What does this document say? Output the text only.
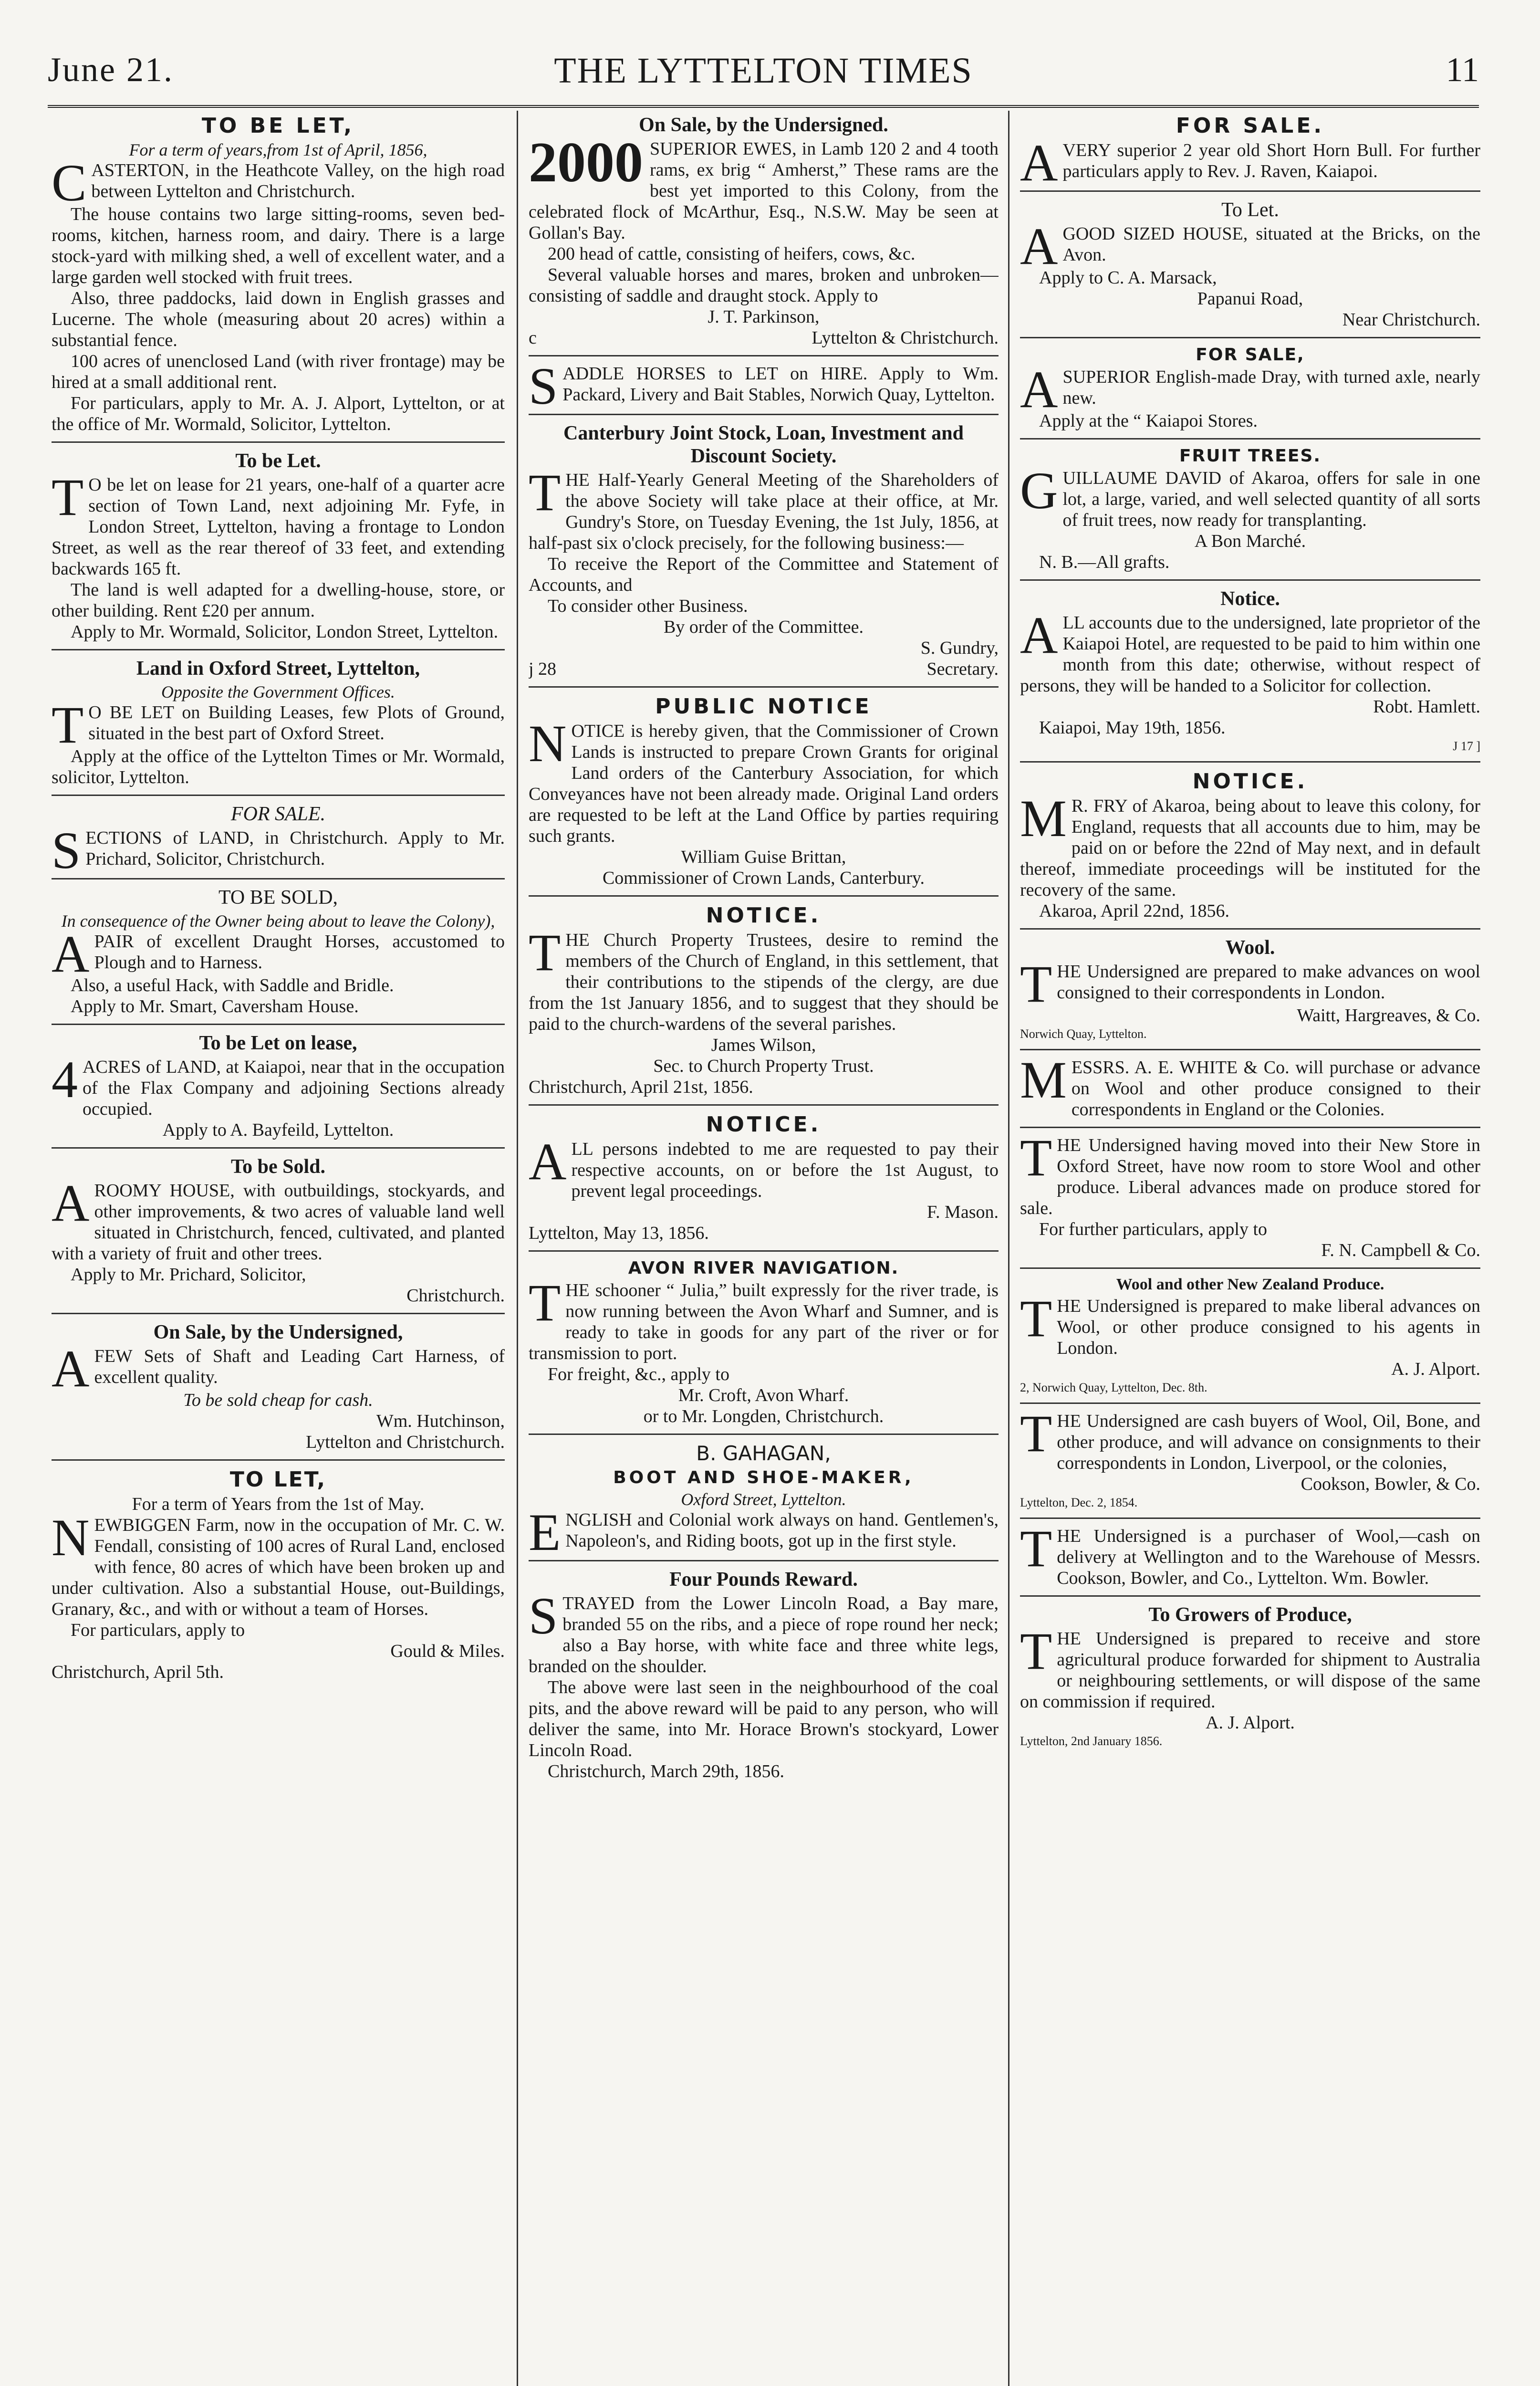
June 21.	THE LYTTELTON TIMES	11
TO BE LET,
For a term of years,from 1st of April, 1856,
C ASTERTON, in the Heathcote Valley, on the high road between Lyttelton and Christchurch.

The house contains two large sitting-rooms, seven bed-rooms, kitchen, harness room, and dairy. There is a large stock-yard with milking shed, a well of excellent water, and a large garden well stocked with fruit trees.

Also, three paddocks, laid down in English grasses and Lucerne. The whole (measuring about 20 acres) within a substantial fence.

100 acres of unenclosed Land (with river frontage) may be hired at a small additional rent.

For particulars, apply to Mr. A. J. Alport, Lyttelton, or at the office of Mr. Wormald, Solicitor, Lyttelton.

To be Let.
T O be let on lease for 21 years, one-half of a quarter acre section of Town Land, next adjoining Mr. Fyfe, in London Street, Lyttelton, having a frontage to London Street, as well as the rear thereof of 33 feet, and extending backwards 165 ft.

The land is well adapted for a dwelling-house, store, or other building. Rent £20 per annum.

Apply to Mr. Wormald, Solicitor, London Street, Lyttelton.

Land in Oxford Street, Lyttelton,
Opposite the Government Offices.
T O BE LET on Building Leases, few Plots of Ground, situated in the best part of Oxford Street.

Apply at the office of the Lyttelton Times or Mr. Wormald, solicitor, Lyttelton.

FOR SALE.
S ECTIONS of LAND, in Christchurch. Apply to Mr. Prichard, Solicitor, Christchurch.

TO BE SOLD,
In consequence of the Owner being about to leave the Colony),
A PAIR of excellent Draught Horses, accustomed to Plough and to Harness.

Also, a useful Hack, with Saddle and Bridle.

Apply to Mr. Smart, Caversham House.

To be Let on lease,
4 ACRES of LAND, at Kaiapoi, near that in the occupation of the Flax Company and adjoining Sections already occupied.

Apply to A. Bayfeild, Lyttelton.

To be Sold.
A ROOMY HOUSE, with outbuildings, stockyards, and other improvements, & two acres of valuable land well situated in Christchurch, fenced, cultivated, and planted with a variety of fruit and other trees.

Apply to Mr. Prichard, Solicitor,

Christchurch.

On Sale, by the Undersigned,
A FEW Sets of Shaft and Leading Cart Harness, of excellent quality.

To be sold cheap for cash.

Wm. Hutchinson,

Lyttelton and Christchurch.

TO LET,

For a term of Years from the 1st of May.

N EWBIGGEN Farm, now in the occupation of Mr. C. W. Fendall, consisting of 100 acres of Rural Land, enclosed with fence, 80 acres of which have been broken up and under cultivation. Also a substantial House, out-Buildings, Granary, &c., and with or without a team of Horses.

For particulars, apply to

Gould & Miles.

Christchurch, April 5th.

On Sale, by the Undersigned.
2000 SUPERIOR EWES, in Lamb 120 2 and 4 tooth rams, ex brig “ Amherst,” These rams are the best yet imported to this Colony, from the celebrated flock of McArthur, Esq., N.S.W. May be seen at Gollan's Bay.

200 head of cattle, consisting of heifers, cows, &c.

Several valuable horses and mares, broken and unbroken—consisting of saddle and draught stock. Apply to

J. T. Parkinson,

c	Lyttelton & Christchurch.

S ADDLE HORSES to LET on HIRE. Apply to Wm. Packard, Livery and Bait Stables, Norwich Quay, Lyttelton.

Canterbury Joint Stock, Loan, Investment and Discount Society.
T HE Half-Yearly General Meeting of the Shareholders of the above Society will take place at their office, at Mr. Gundry's Store, on Tuesday Evening, the 1st July, 1856, at half-past six o'clock precisely, for the following business:—

To receive the Report of the Committee and Statement of Accounts, and

To consider other Business.

By order of the Committee.

S. Gundry,

j 28	Secretary.

PUBLIC NOTICE
N OTICE is hereby given, that the Commissioner of Crown Lands is instructed to prepare Crown Grants for original Land orders of the Canterbury Association, for which Conveyances have not been already made. Original Land orders are requested to be left at the Land Office by parties requiring such grants.

William Guise Brittan,

Commissioner of Crown Lands, Canterbury.

NOTICE.
T HE Church Property Trustees, desire to remind the members of the Church of England, in this settlement, that their contributions to the stipends of the clergy, are due from the 1st January 1856, and to suggest that they should be paid to the church-wardens of the several parishes.

James Wilson,

Sec. to Church Property Trust.

Christchurch, April 21st, 1856.

NOTICE.
A LL persons indebted to me are requested to pay their respective accounts, on or before the 1st August, to prevent legal proceedings.

F. Mason.

Lyttelton, May 13, 1856.

AVON RIVER NAVIGATION.
T HE schooner “ Julia,” built expressly for the river trade, is now running between the Avon Wharf and Sumner, and is ready to take in goods for any part of the river or for transmission to port.

For freight, &c., apply to

Mr. Croft, Avon Wharf.

or to Mr. Longden, Christchurch.

B. GAHAGAN,
BOOT AND SHOE-MAKER,
Oxford Street, Lyttelton.
E NGLISH and Colonial work always on hand. Gentlemen's, Napoleon's, and Riding boots, got up in the first style.

Four Pounds Reward.
S TRAYED from the Lower Lincoln Road, a Bay mare, branded 55 on the ribs, and a piece of rope round her neck; also a Bay horse, with white face and three white legs, branded on the shoulder.

The above were last seen in the neighbourhood of the coal pits, and the above reward will be paid to any person, who will deliver the same, into Mr. Horace Brown's stockyard, Lower Lincoln Road.

Christchurch, March 29th, 1856.

FOR SALE.
A VERY superior 2 year old Short Horn Bull. For further particulars apply to Rev. J. Raven, Kaiapoi.

To Let.
A GOOD SIZED HOUSE, situated at the Bricks, on the Avon.

Apply to C. A. Marsack,

Papanui Road,

Near Christchurch.

FOR SALE,
A SUPERIOR English-made Dray, with turned axle, nearly new.

Apply at the “ Kaiapoi Stores.

FRUIT TREES.
G UILLAUME DAVID of Akaroa, offers for sale in one lot, a large, varied, and well selected quantity of all sorts of fruit trees, now ready for transplanting.

A Bon Marché.

N. B.—All grafts.

Notice.
A LL accounts due to the undersigned, late proprietor of the Kaiapoi Hotel, are requested to be paid to him within one month from this date; otherwise, without respect of persons, they will be handed to a Solicitor for collection.

Robt. Hamlett.

Kaiapoi, May 19th, 1856.

J 17 ]

NOTICE.
M R. FRY of Akaroa, being about to leave this colony, for England, requests that all accounts due to him, may be paid on or before the 22nd of May next, and in default thereof, immediate proceedings will be instituted for the recovery of the same.

Akaroa, April 22nd, 1856.

Wool.
T HE Undersigned are prepared to make advances on wool consigned to their correspondents in London.

Waitt, Hargreaves, & Co.

Norwich Quay, Lyttelton.

M ESSRS. A. E. WHITE & Co. will purchase or advance on Wool and other produce consigned to their correspondents in England or the Colonies.

T HE Undersigned having moved into their New Store in Oxford Street, have now room to store Wool and other produce. Liberal advances made on produce stored for sale.

For further particulars, apply to

F. N. Campbell & Co.

Wool and other New Zealand Produce.
T HE Undersigned is prepared to make liberal advances on Wool, or other produce consigned to his agents in London.

A. J. Alport.

2, Norwich Quay, Lyttelton, Dec. 8th.

T HE Undersigned are cash buyers of Wool, Oil, Bone, and other produce, and will advance on consignments to their correspondents in London, Liverpool, or the colonies,

Cookson, Bowler, & Co.

Lyttelton, Dec. 2, 1854.

T HE Undersigned is a purchaser of Wool,—cash on delivery at Wellington and to the Warehouse of Messrs. Cookson, Bowler, and Co., Lyttelton. Wm. Bowler.

To Growers of Produce,
T HE Undersigned is prepared to receive and store agricultural produce forwarded for shipment to Australia or neighbouring settlements, or will dispose of the same on commission if required.

A. J. Alport.

Lyttelton, 2nd January 1856.
